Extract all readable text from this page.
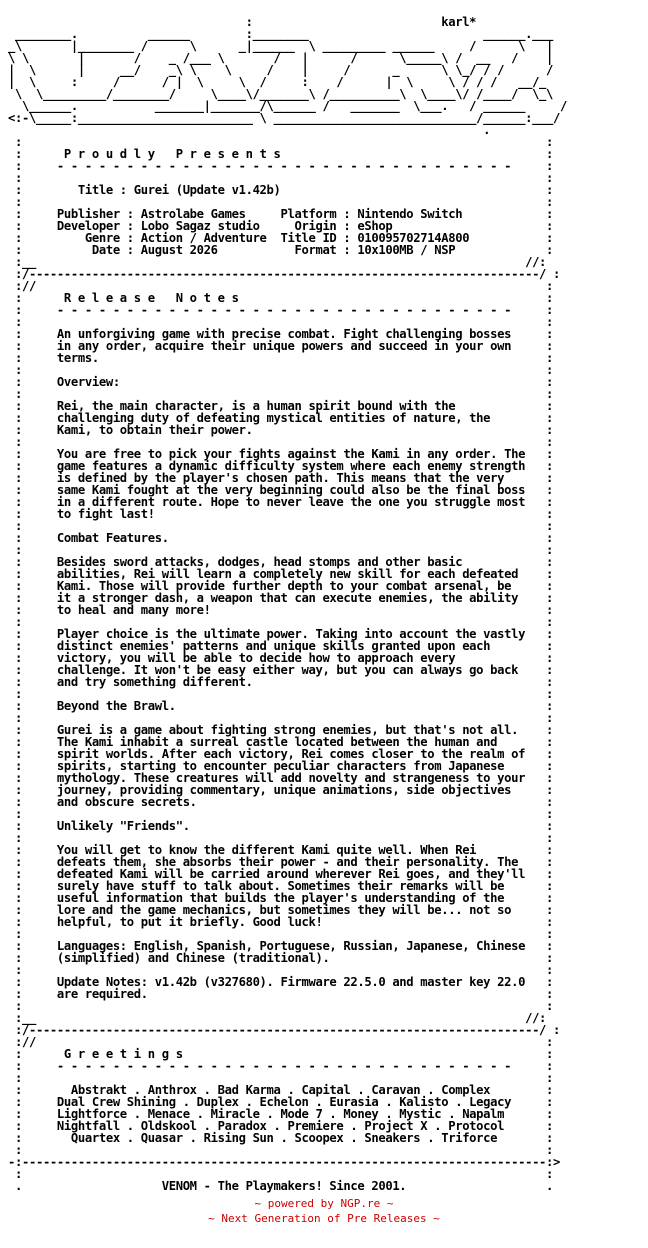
:                           karl*
________.          ______        :________                         ______.___
_\       |________ /      \      _|______  \ _________ ______     /      \   |
\ \       |       /    _ /___ \       /   |      /      \_____\ /  __   /    |
|  \      |     __/    _\ \    \     /    |     /      _      \ \_/ / /      /
|  \     :     /      / |  \     \  /     :    /      |  \     \ / / /   __/_
\  \_________/________/     \____\/_______\ /__________\  \____\/ /____/  \_\
\______.           _______|_______/\______ /   _______  \___.   / ______     /
<:-\_____:_________________________ \ _____________________________/______:___/
.
:                                                                           :
:      P r o u d l y   P r e s e n t s                                      :
:     - - - - - - - - - - - - - - - - - - - - - - - - - - - - - - - - -     :
:                                                                           :
:        Title : Gurei (Update v1.42b)                                      :
:                                                                           :
:     Publisher : Astrolabe Games     Platform : Nintendo Switch            :
:     Developer : Lobo Sagaz studio     Origin : eShop                      :
:         Genre : Action / Adventure  Title ID : 010095702714A800           :
:          Date : August 2026           Format : 10x100MB / NSP             :
:__                                                                      //:
:/-------------------------------------------------------------------------/ :
://                                                                         :
:      R e l e a s e   N o t e s                                            :
:     - - - - - - - - - - - - - - - - - - - - - - - - - - - - - - - - -     :
:                                                                           :
:     An unforgiving game with precise combat. Fight challenging bosses     :
:     in any order, acquire their unique powers and succeed in your own     :
:     terms.                                                                :
:                                                                           :
:     Overview:                                                             :
:                                                                           :
:     Rei, the main character, is a human spirit bound with the             :
:     challenging duty of defeating mystical entities of nature, the        :
:     Kami, to obtain their power.                                          :
:                                                                           :
:     You are free to pick your fights against the Kami in any order. The   :
:     game features a dynamic difficulty system where each enemy strength   :
:     is defined by the player's chosen path. This means that the very      :
:     same Kami fought at the very beginning could also be the final boss   :
:     in a different route. Hope to never leave the one you struggle most   :
:     to fight last!                                                        :
:                                                                           :
:     Combat Features.                                                      :
:                                                                           :
:     Besides sword attacks, dodges, head stomps and other basic            :
:     abilities, Rei will learn a completely new skill for each defeated    :
:     Kami. Those will provide further depth to your combat arsenal, be     :
:     it a stronger dash, a weapon that can execute enemies, the ability    :
:     to heal and many more!                                                :
:                                                                           :
:     Player choice is the ultimate power. Taking into account the vastly   :
:     distinct enemies' patterns and unique skills granted upon each        :
:     victory, you will be able to decide how to approach every             :
:     challenge. It won't be easy either way, but you can always go back    :
:     and try something different.                                          :
:                                                                           :
:     Beyond the Brawl.                                                     :
:                                                                           :
:     Gurei is a game about fighting strong enemies, but that's not all.    :
:     The Kami inhabit a surreal castle located between the human and       :
:     spirit worlds. After each victory, Rei comes closer to the realm of   :
:     spirits, starting to encounter peculiar characters from Japanese      :
:     mythology. These creatures will add novelty and strangeness to your   :
:     journey, providing commentary, unique animations, side objectives     :
:     and obscure secrets.                                                  :
:                                                                           :
:     Unlikely "Friends".                                                   :
:                                                                           :
:     You will get to know the different Kami quite well. When Rei          :
:     defeats them, she absorbs their power - and their personality. The    :
:     defeated Kami will be carried around wherever Rei goes, and they'll   :
:     surely have stuff to talk about. Sometimes their remarks will be      :
:     useful information that builds the player's understanding of the      :
:     lore and the game mechanics, but sometimes they will be... not so     :
:     helpful, to put it briefly. Good luck!                                :
:                                                                           :
:     Languages: English, Spanish, Portuguese, Russian, Japanese, Chinese   :
:     (simplified) and Chinese (traditional).                               :
:                                                                           :
:     Update Notes: v1.42b (v327680). Firmware 22.5.0 and master key 22.0   :
:     are required.                                                         :
:                                                                           :
:__                                                                      //:
:/-------------------------------------------------------------------------/ :
://                                                                         :
:      G r e e t i n g s                                                    :
:     - - - - - - - - - - - - - - - - - - - - - - - - - - - - - - - - -     :
:                                                                           :
:       Abstrakt . Anthrox . Bad Karma . Capital . Caravan . Complex        :
:     Dual Crew Shining . Duplex . Echelon . Eurasia . Kalisto . Legacy     :
:     Lightforce . Menace . Miracle . Mode 7 . Money . Mystic . Napalm      :
:     Nightfall . Oldskool . Paradox . Premiere . Project X . Protocol      :
:       Quartex . Quasar . Rising Sun . Scoopex . Sneakers . Triforce       :
:                                                                           :
-:---------------------------------------------------------------------------:>
:                                                                           :
.                    VENOM - The Playmakers! Since 2001.                    .

~ powered by NGP.re ~
~ Next Generation of Pre Releases ~
